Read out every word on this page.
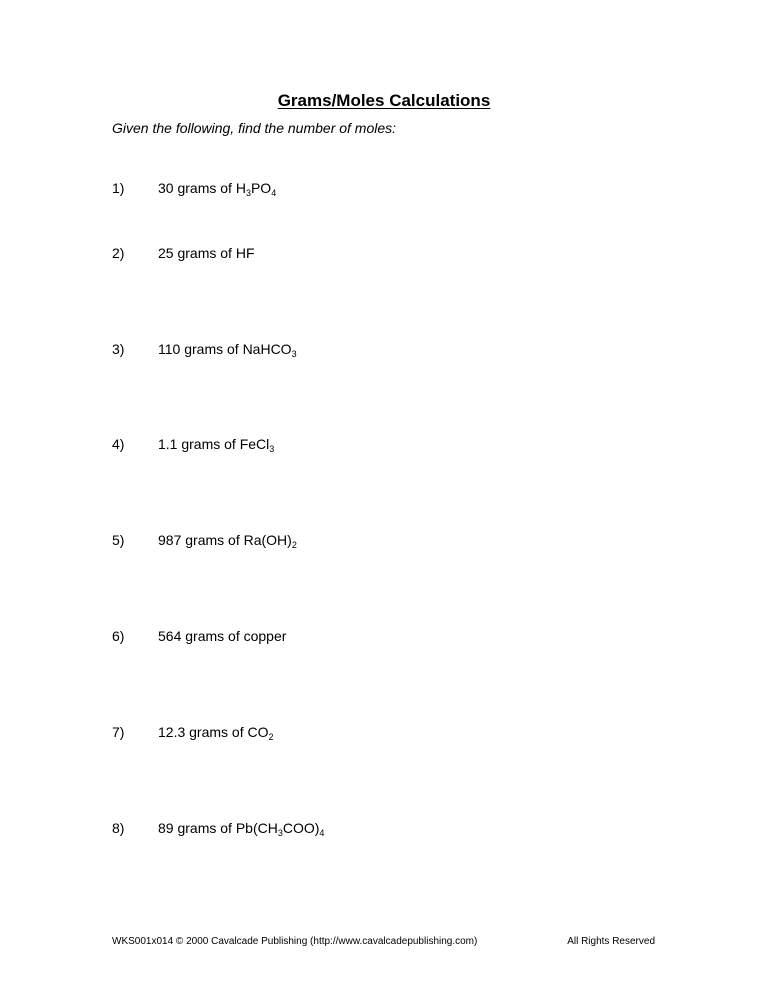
Grams/Moles Calculations
Given the following, find the number of moles:
1) 30 grams of $H_3PO_4$
2) 25 grams of HF
3) 110 grams of NaHCO$_3$
4) 1.1 grams of FeCl$_3$
5) 987 grams of $Ra(OH)_2$
6) 564 grams of copper
7) 12.3 grams of $CO_2$
8) 89 grams of $Pb(CH_3COO)_4$
WKS001x014 © 2000 Cavalcade Publishing (http://www.cavalcadepublishing.com)	All Rights Reserved
